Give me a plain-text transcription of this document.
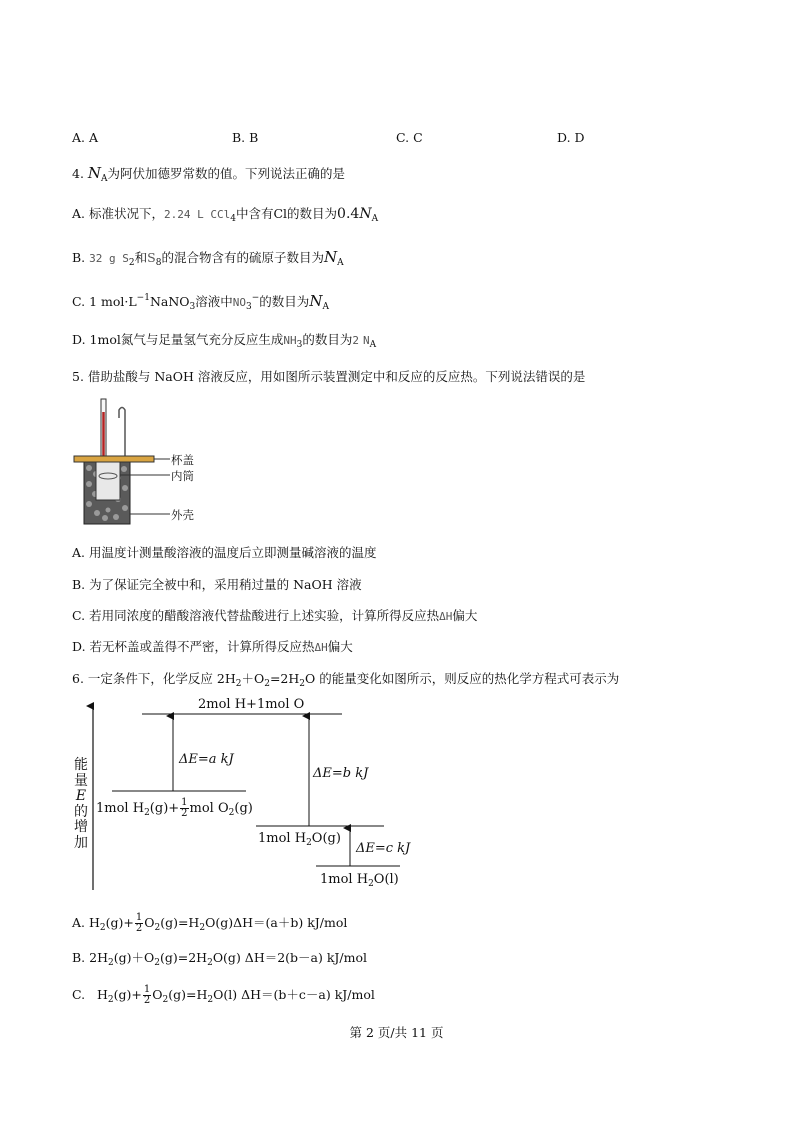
A. A	B. B	C. C	D. D
4. $N_A$为阿伏加德罗常数的值。下列说法正确的是
A. 标准状况下，2.24 L CCl$_4$中含有Cl的数目为$0.4N_A$
B. 32 g $S_2$和$S_8$的混合物含有的硫原子数目为$N_A$
C. 1 $mol\cdot L^{-1}NaNO_3$溶液中$NO_3^-$的数目为$N_A$
D. 1mol氮气与足量氢气充分反应生成$NH_3$的数目为2 $N_A$
5. 借助盐酸与 NaOH 溶液反应，用如图所示装置测定中和反应的反应热。下列说法错误的是
杯盖
内筒
外壳
A. 用温度计测量酸溶液的温度后立即测量碱溶液的温度
B. 为了保证完全被中和，采用稍过量的 NaOH 溶液
C. 若用同浓度的醋酸溶液代替盐酸进行上述实验，计算所得反应热ΔH偏大
D. 若无杯盖或盖得不严密，计算所得反应热ΔH偏大
6. 一定条件下，化学反应 $2H_2+O_2=2H_2O$ 的能量变化如图所示，则反应的热化学方程式可表示为
2mol H+1mol O
ΔE=a kJ
ΔE=b kJ
ΔE=c kJ
1mol $H_2(g)+ \frac{1}{2}$ mol $O_2(g)$
1mol $H_2O(g)$
1mol $H_2O(l)$
能
量
E
的
增
加
A. $H_2(g)+ \frac{1}{2} O_2(g)=H_2O(g)\Delta H=(a+b)$ kJ/mol
B. $2H_2(g)+O_2(g)=2H_2O(g)$ ΔH＝2(b－a) kJ/mol
C. $H_2(g)+ \frac{1}{2} O_2(g)=H_2O(l)$ ΔH＝(b＋c－a) kJ/mol
第 2 页/共 11 页
